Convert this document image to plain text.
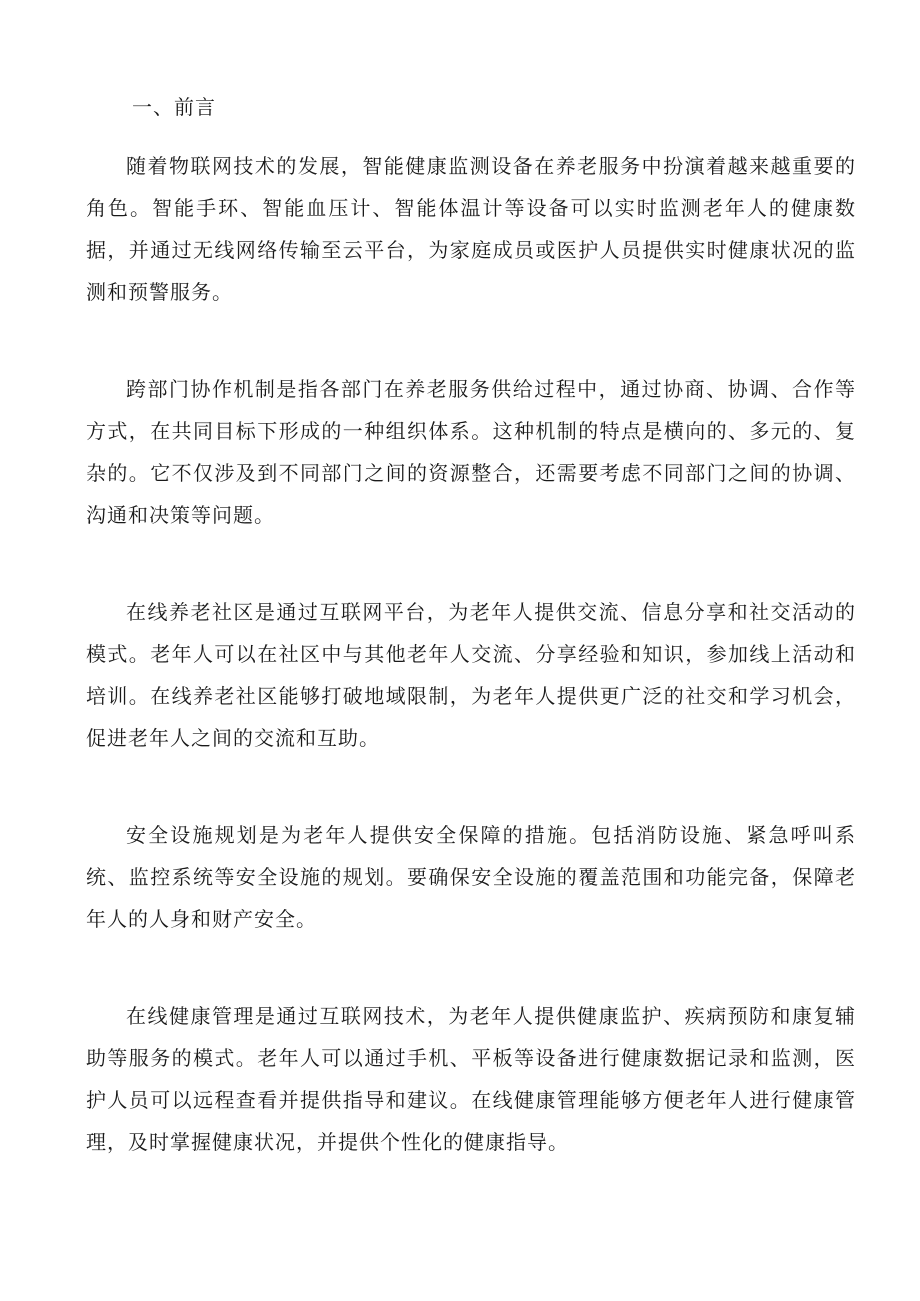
一、前言

随着物联网技术的发展，智能健康监测设备在养老服务中扮演着越来越重要的角色。智能手环、智能血压计、智能体温计等设备可以实时监测老年人的健康数据，并通过无线网络传输至云平台，为家庭成员或医护人员提供实时健康状况的监测和预警服务。

跨部门协作机制是指各部门在养老服务供给过程中，通过协商、协调、合作等方式，在共同目标下形成的一种组织体系。这种机制的特点是横向的、多元的、复杂的。它不仅涉及到不同部门之间的资源整合，还需要考虑不同部门之间的协调、沟通和决策等问题。

在线养老社区是通过互联网平台，为老年人提供交流、信息分享和社交活动的模式。老年人可以在社区中与其他老年人交流、分享经验和知识，参加线上活动和培训。在线养老社区能够打破地域限制，为老年人提供更广泛的社交和学习机会，促进老年人之间的交流和互助。

安全设施规划是为老年人提供安全保障的措施。包括消防设施、紧急呼叫系统、监控系统等安全设施的规划。要确保安全设施的覆盖范围和功能完备，保障老年人的人身和财产安全。

在线健康管理是通过互联网技术，为老年人提供健康监护、疾病预防和康复辅助等服务的模式。老年人可以通过手机、平板等设备进行健康数据记录和监测，医护人员可以远程查看并提供指导和建议。在线健康管理能够方便老年人进行健康管理，及时掌握健康状况，并提供个性化的健康指导。
